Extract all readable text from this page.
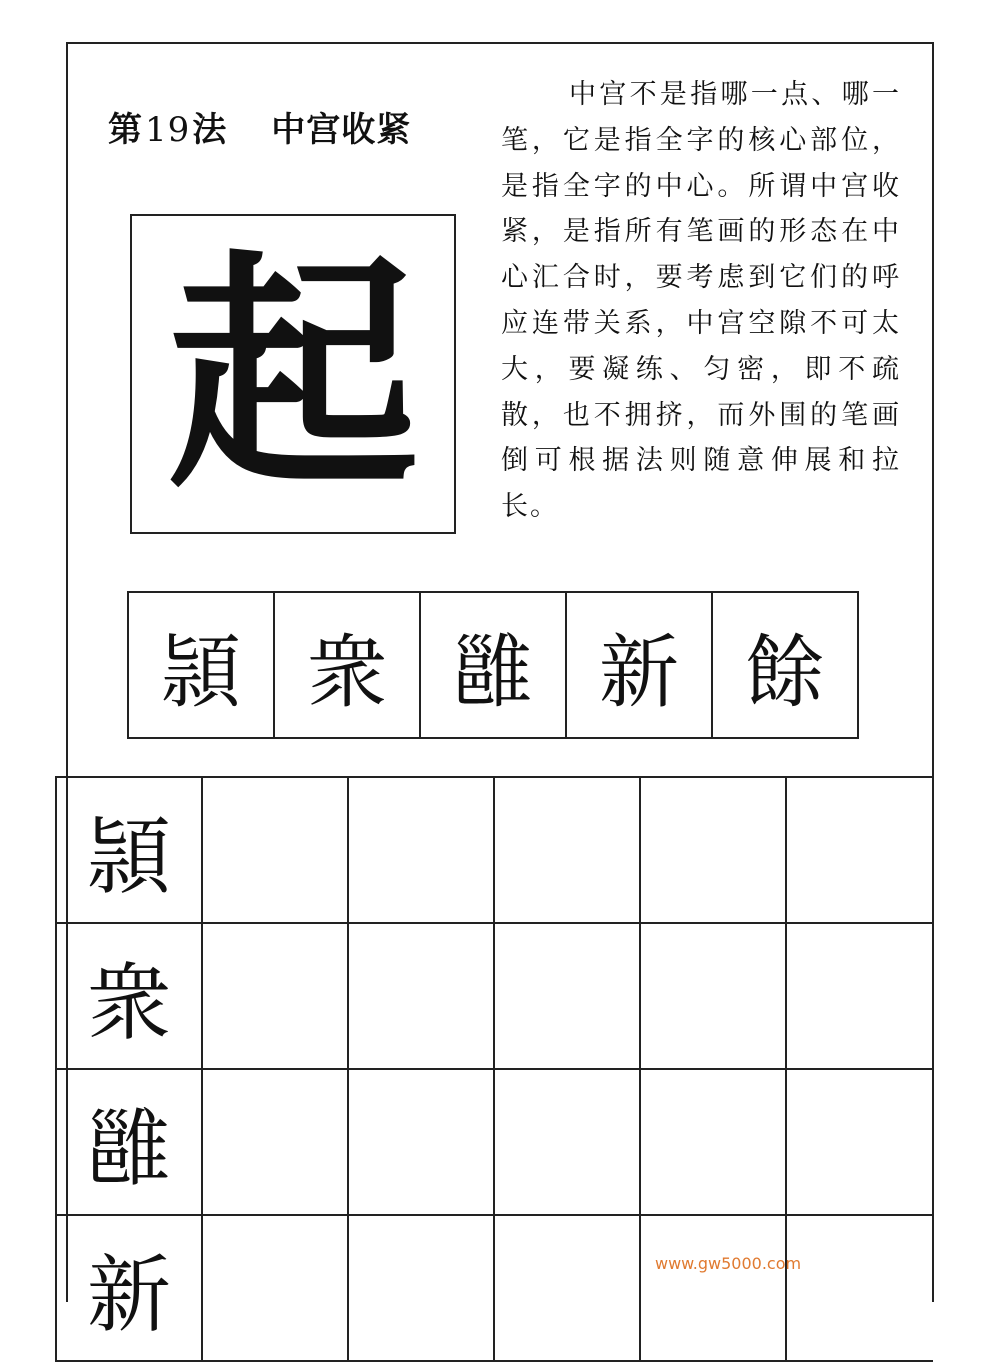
第19法 中宫收紧

中宫不是指哪一点、哪一笔，它是指全字的核心部位，是指全字的中心。所谓中宫收紧，是指所有笔画的形态在中心汇合时，要考虑到它们的呼应连带关系，中宫空隙不可太大，要凝练、匀密，即不疏散，也不拥挤，而外围的笔画倒可根据法则随意伸展和拉长。

起
頴 衆 雝 新 餘
頴
衆
雝
新	www.gw5000.com
